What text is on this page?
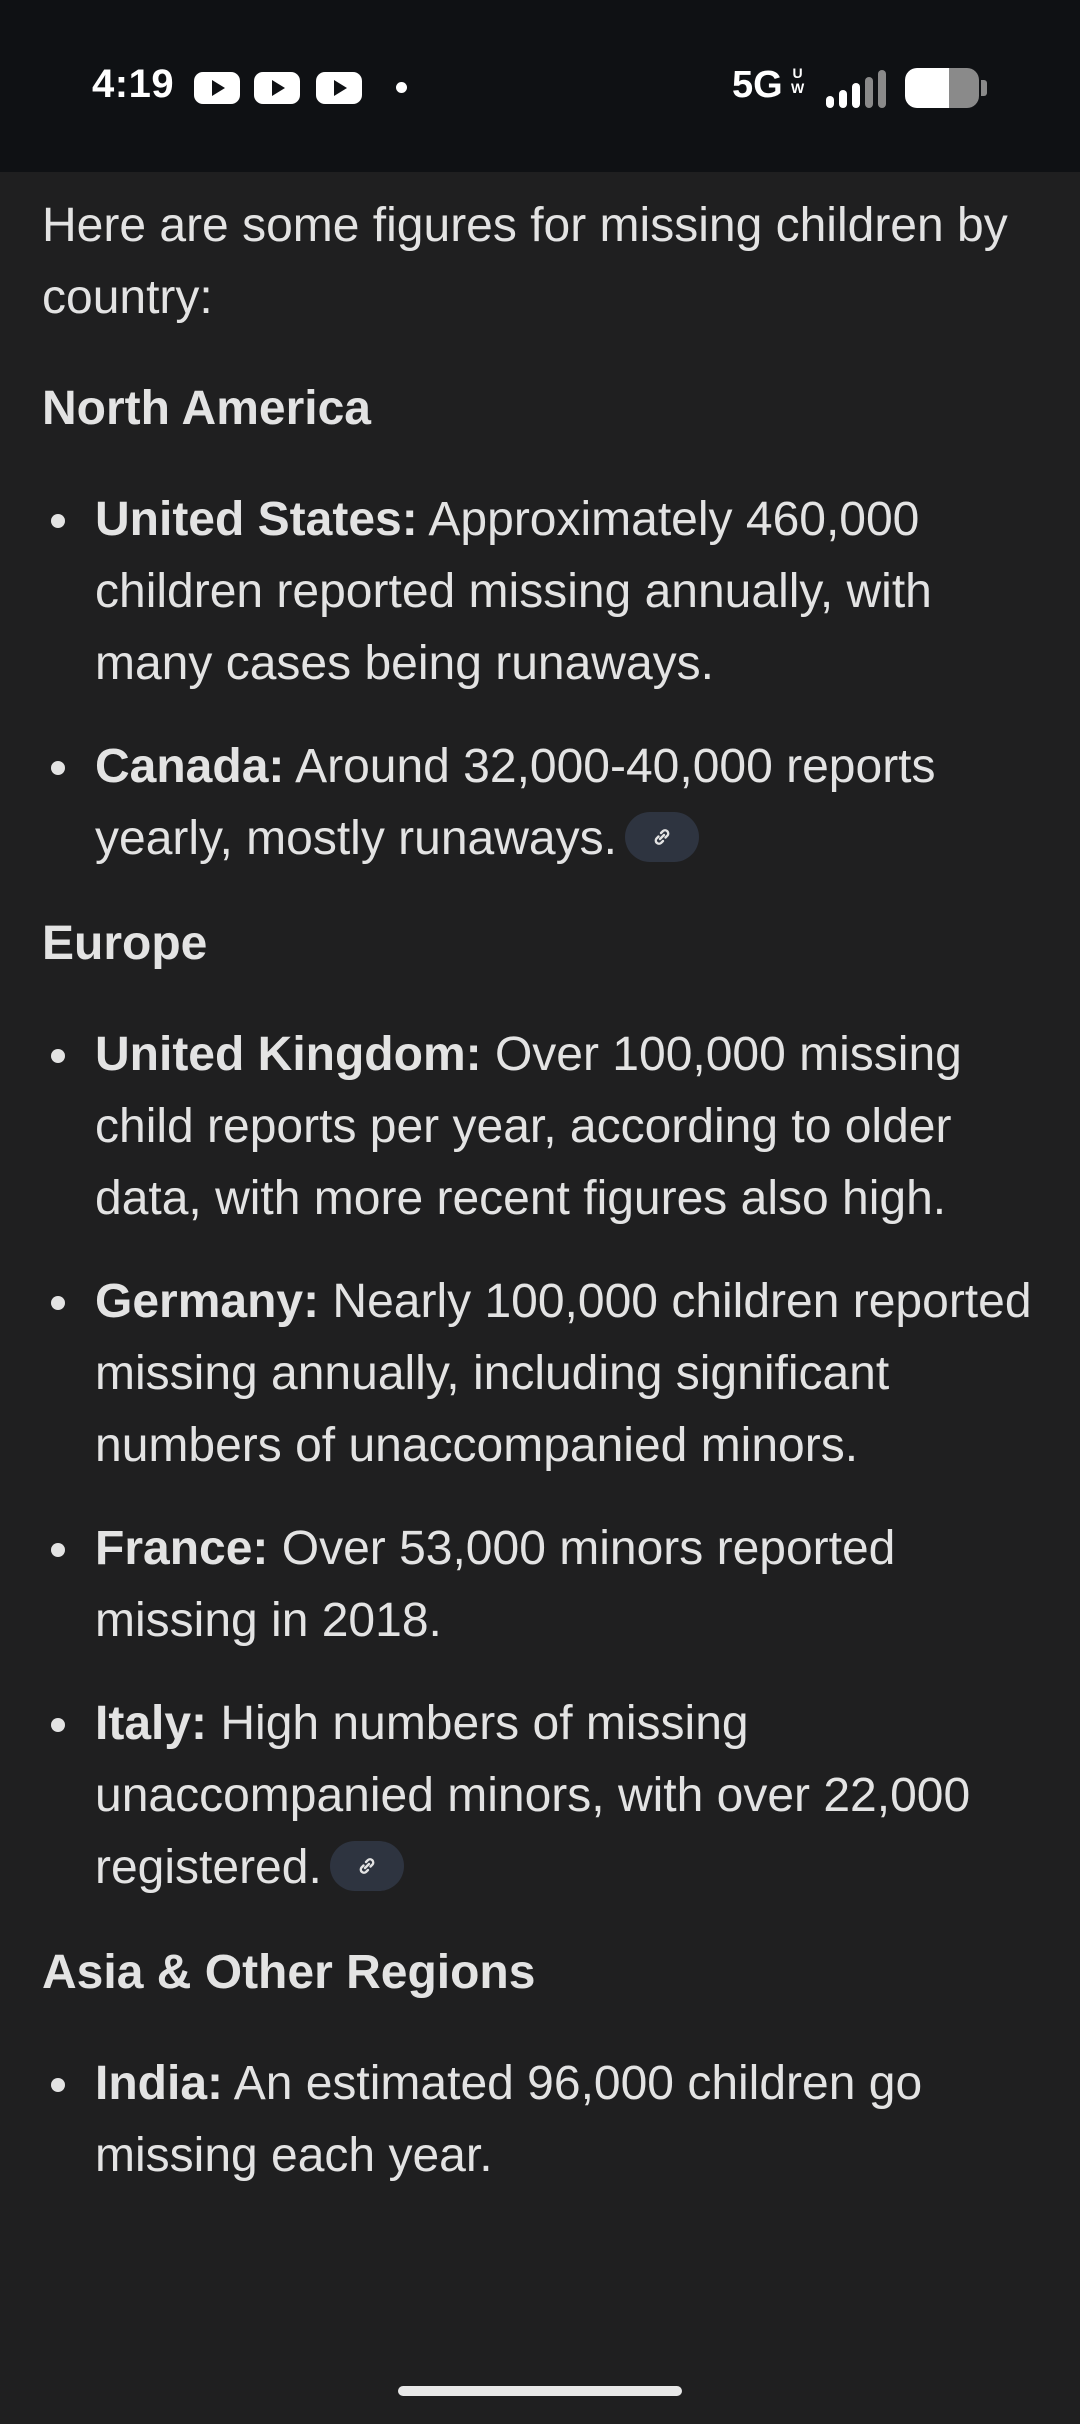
4:19	5G U
W

Here are some figures for missing children by country:

North America
United States: Approximately 460,000 children reported missing annually, with many cases being runaways.
Canada: Around 32,000-40,000 reports yearly, mostly runaways.
Europe
United Kingdom: Over 100,000 missing child reports per year, according to older data, with more recent figures also high.
Germany: Nearly 100,000 children reported missing annually, including significant numbers of unaccompanied minors.
France: Over 53,000 minors reported missing in 2018.
Italy: High numbers of missing unaccompanied minors, with over 22,000 registered.
Asia & Other Regions
India: An estimated 96,000 children go missing each year.
